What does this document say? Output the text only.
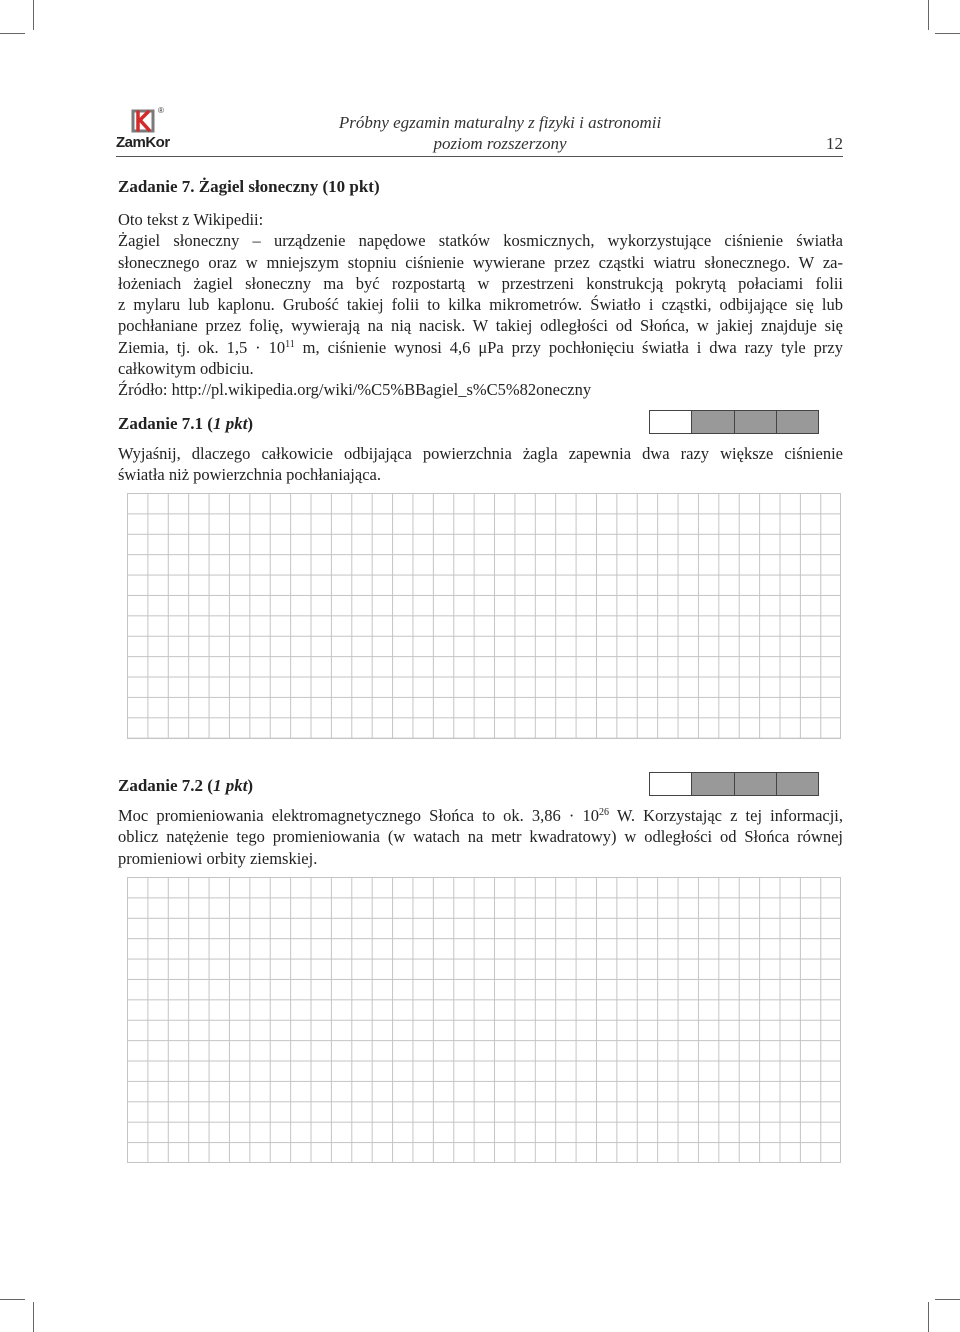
®
ZamKor
Próbny egzamin maturalny z fizyki i astronomii
poziom rozszerzony	12
Zadanie 7. Żagiel słoneczny (10 pkt)
Oto tekst z Wikipedii:
Żagiel słoneczny – urządzenie napędowe statków kosmicznych, wykorzystujące ciśnienie światła
słonecznego oraz w mniejszym stopniu ciśnienie wywierane przez cząstki wiatru słonecznego. W za-
łożeniach żagiel słoneczny ma być rozpostartą w przestrzeni konstrukcją pokrytą połaciami folii
z mylaru lub kaplonu. Grubość takiej folii to kilka mikrometrów. Światło i cząstki, odbijające się lub
pochłaniane przez folię, wywierają na nią nacisk. W takiej odległości od Słońca, w jakiej znajduje się
Ziemia, tj. ok. $1,5 \cdot 10^{11}$ m, ciśnienie wynosi 4,6 μPa przy pochłonięciu światła i dwa razy tyle przy
całkowitym odbiciu.
Źródło: http://pl.wikipedia.org/wiki/%C5%BBagiel_s%C5%82oneczny
Zadanie 7.1 (1 pkt)
Wyjaśnij, dlaczego całkowicie odbijająca powierzchnia żagla zapewnia dwa razy większe ciśnienie
światła niż powierzchnia pochłaniająca.
Zadanie 7.2 (1 pkt)
Moc promieniowania elektromagnetycznego Słońca to ok. $3,86 \cdot 10^{26}$ W. Korzystając z tej informacji,
oblicz natężenie tego promieniowania (w watach na metr kwadratowy) w odległości od Słońca równej
promieniowi orbity ziemskiej.
